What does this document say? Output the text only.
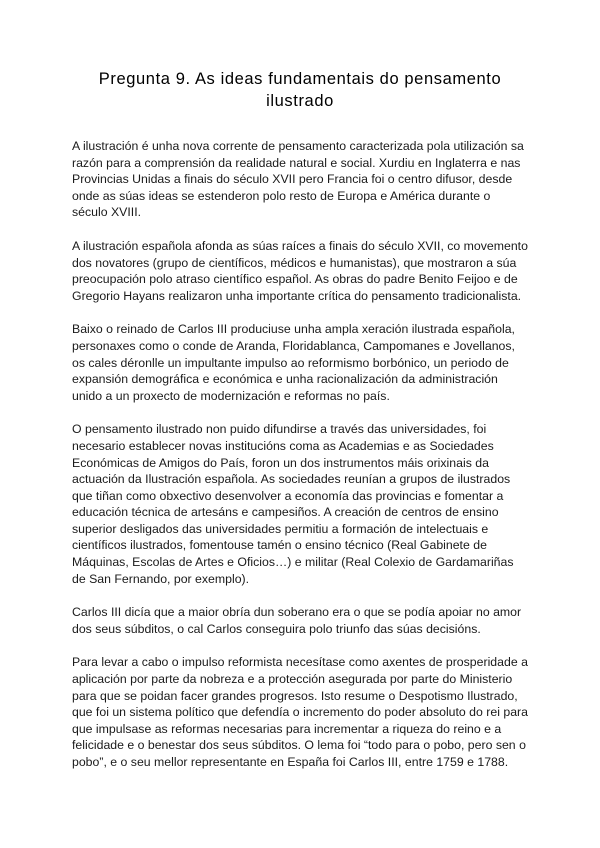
Pregunta 9. As ideas fundamentais do pensamento ilustrado

A ilustración é unha nova corrente de pensamento caracterizada pola utilización sa razón para a comprensión da realidade natural e social. Xurdiu en Inglaterra e nas Provincias Unidas a finais do século XVII pero Francia foi o centro difusor, desde onde as súas ideas se estenderon polo resto de Europa e América durante o século XVIII.

A ilustración española afonda as súas raíces a finais do século XVII, co movemento dos novatores (grupo de científicos, médicos e humanistas), que mostraron a súa preocupación polo atraso científico español. As obras do padre Benito Feijoo e de Gregorio Hayans realizaron unha importante crítica do pensamento tradicionalista.

Baixo o reinado de Carlos III produciuse unha ampla xeración ilustrada española, personaxes como o conde de Aranda, Floridablanca, Campomanes e Jovellanos, os cales déronlle un impultante impulso ao reformismo borbónico, un periodo de expansión demográfica e económica e unha racionalización da administración unido a un proxecto de modernización e reformas no país.

O pensamento ilustrado non puido difundirse a través das universidades, foi necesario establecer novas institucións coma as Academias e as Sociedades Económicas de Amigos do País, foron un dos instrumentos máis orixinais da actuación da Ilustración española. As sociedades reunían a grupos de ilustrados que tiñan como obxectivo desenvolver a economía das provincias e fomentar a educación técnica de artesáns e campesiños. A creación de centros de ensino superior desligados das universidades permitiu a formación de intelectuais e científicos ilustrados, fomentouse tamén o ensino técnico (Real Gabinete de Máquinas, Escolas de Artes e Oficios…) e militar (Real Colexio de Gardamariñas de San Fernando, por exemplo).

Carlos III dicía que a maior obría dun soberano era o que se podía apoiar no amor dos seus súbditos, o cal Carlos conseguira polo triunfo das súas decisións.

Para levar a cabo o impulso reformista necesítase como axentes de prosperidade a aplicación por parte da nobreza e a protección asegurada por parte do Ministerio para que se poidan facer grandes progresos. Isto resume o Despotismo Ilustrado, que foi un sistema político que defendía o incremento do poder absoluto do rei para que impulsase as reformas necesarias para incrementar a riqueza do reino e a felicidade e o benestar dos seus súbditos. O lema foi “todo para o pobo, pero sen o pobo”, e o seu mellor representante en España foi Carlos III, entre 1759 e 1788.
